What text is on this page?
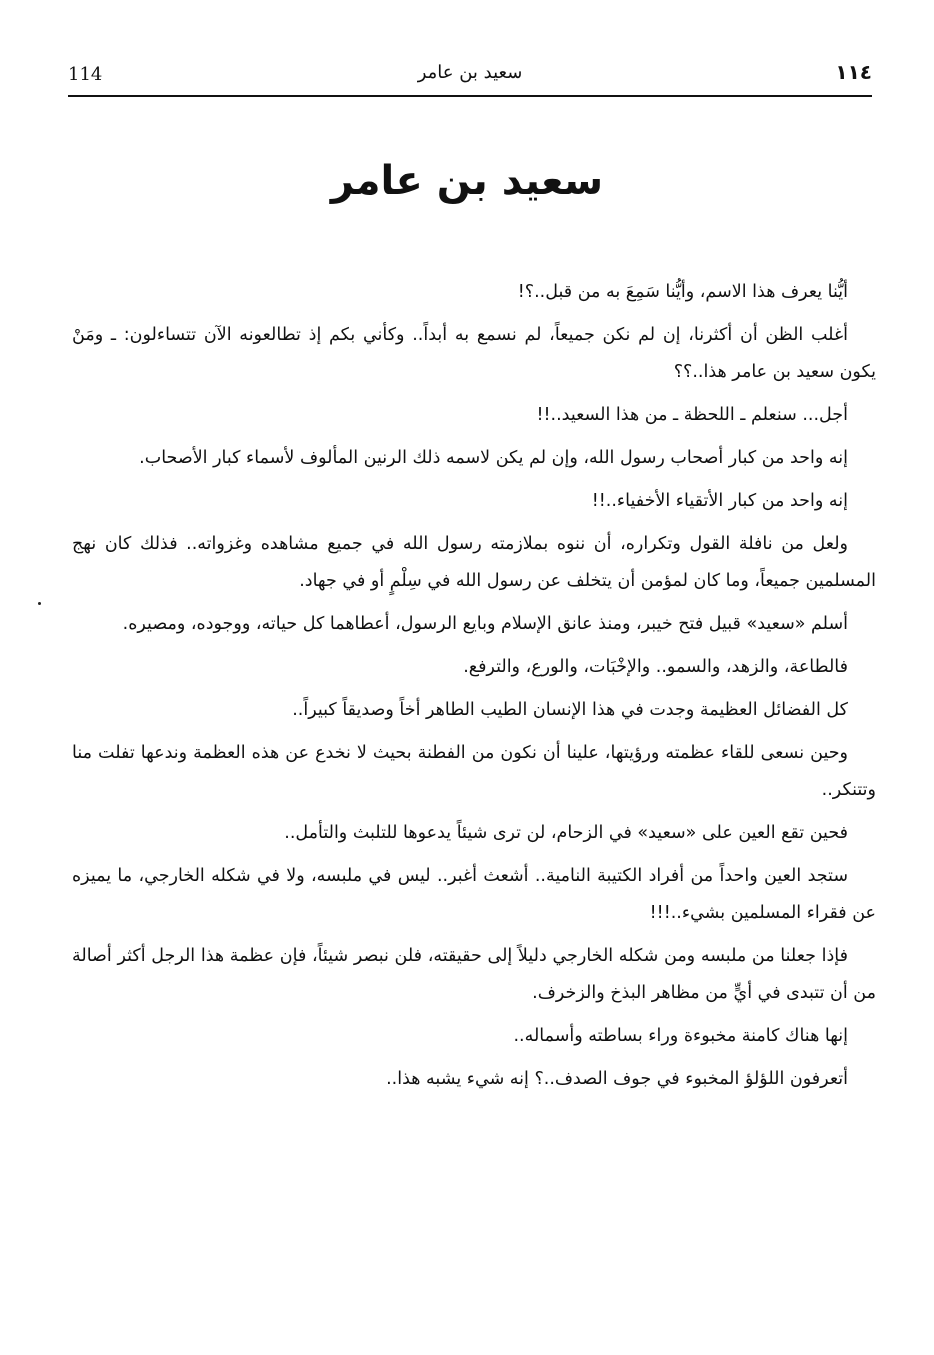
114	سعيد بن عامر	١١٤
سعيد بن عامر

أيُّنا يعرف هذا الاسم، وأيُّنا سَمِعَ به من قبل..؟!

أغلب الظن أن أكثرنا، إن لم نكن جميعاً، لم نسمع به أبداً.. وكأني بكم إذ تطالعونه الآن تتساءلون: ـ ومَنْ يكون سعيد بن عامر هذا..؟؟

أجل... سنعلم ـ اللحظة ـ من هذا السعيد..!!

إنه واحد من كبار أصحاب رسول الله، وإن لم يكن لاسمه ذلك الرنين المألوف لأسماء كبار الأصحاب.

إنه واحد من كبار الأتقياء الأخفياء..!!

ولعل من نافلة القول وتكراره، أن ننوه بملازمته رسول الله في جميع مشاهده وغزواته.. فذلك كان نهج المسلمين جميعاً، وما كان لمؤمن أن يتخلف عن رسول الله في سِلْمٍ أو في جهاد.

أسلم «سعيد» قبيل فتح خيبر، ومنذ عانق الإسلام وبايع الرسول، أعطاهما كل حياته، ووجوده، ومصيره.

فالطاعة، والزهد، والسمو.. والإخْبَات، والورع، والترفع.

كل الفضائل العظيمة وجدت في هذا الإنسان الطيب الطاهر أخاً وصديقاً كبيراً..

وحين نسعى للقاء عظمته ورؤيتها، علينا أن نكون من الفطنة بحيث لا نخدع عن هذه العظمة وندعها تفلت منا وتتنكر..

فحين تقع العين على «سعيد» في الزحام، لن ترى شيئاً يدعوها للتلبث والتأمل..

ستجد العين واحداً من أفراد الكتيبة النامية.. أشعث أغبر.. ليس في ملبسه، ولا في شكله الخارجي، ما يميزه عن فقراء المسلمين بشيء..!!!

فإذا جعلنا من ملبسه ومن شكله الخارجي دليلاً إلى حقيقته، فلن نبصر شيئاً، فإن عظمة هذا الرجل أكثر أصالة من أن تتبدى في أيٍّ من مظاهر البذخ والزخرف.

إنها هناك كامنة مخبوءة وراء بساطته وأسماله..

أتعرفون اللؤلؤ المخبوء في جوف الصدف..؟ إنه شيء يشبه هذا..
